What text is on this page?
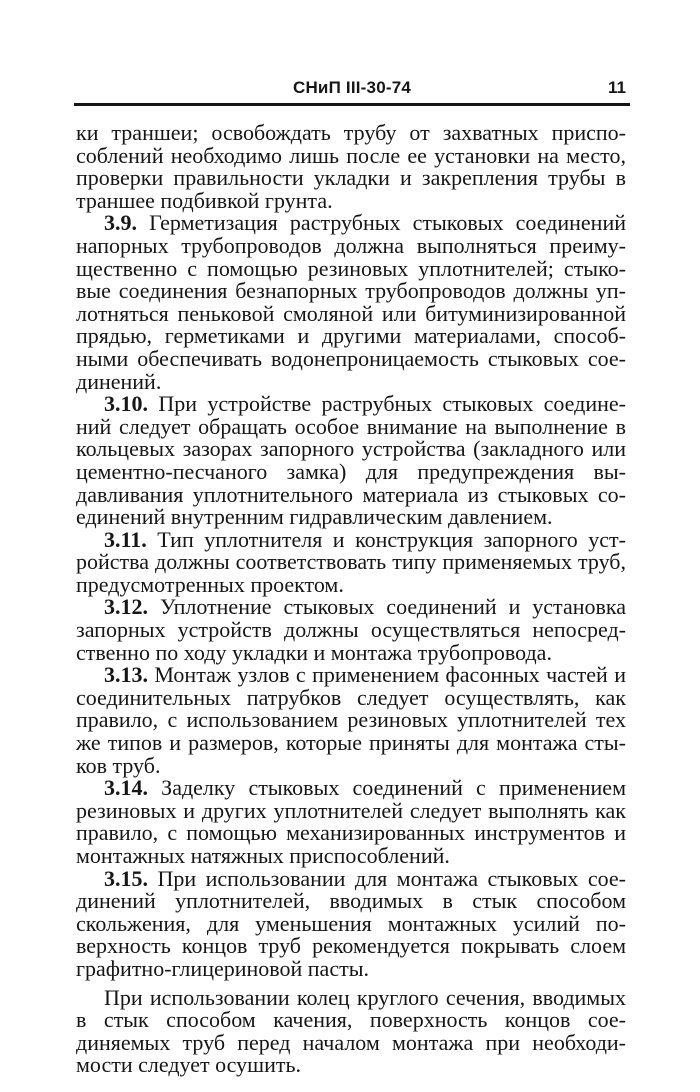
СНиП III-30-74	11

ки траншеи; освобождать трубу от захватных приспособлений необходимо лишь после ее установки на место, проверки правильности укладки и закрепления трубы в траншее подбивкой грунта.

3.9. Герметизация раструбных стыковых соединений напорных трубопроводов должна выполняться преимущественно с помощью резиновых уплотнителей; стыковые соединения безнапорных трубопроводов должны уплотняться пеньковой смоляной или битуминизированной прядью, герметиками и другими материалами, способными обеспечивать водонепроницаемость стыковых соединений.

3.10. При устройстве раструбных стыковых соединений следует обращать особое внимание на выполнение в кольцевых зазорах запорного устройства (закладного или цементно-песчаного замка) для предупреждения выдавливания уплотнительного материала из стыковых соединений внутренним гидравлическим давлением.

3.11. Тип уплотнителя и конструкция запорного устройства должны соответствовать типу применяемых труб, предусмотренных проектом.

3.12. Уплотнение стыковых соединений и установка запорных устройств должны осуществляться непосредственно по ходу укладки и монтажа трубопровода.

3.13. Монтаж узлов с применением фасонных частей и соединительных патрубков следует осуществлять, как правило, с использованием резиновых уплотнителей тех же типов и размеров, которые приняты для монтажа стыков труб.

3.14. Заделку стыковых соединений с применением резиновых и других уплотнителей следует выполнять как правило, с помощью механизированных инструментов и монтажных натяжных приспособлений.

3.15. При использовании для монтажа стыковых соединений уплотнителей, вводимых в стык способом скольжения, для уменьшения монтажных усилий поверхность концов труб рекомендуется покрывать слоем графитно-глицериновой пасты.

При использовании колец круглого сечения, вводимых в стык способом качения, поверхность концов соединяемых труб перед началом монтажа при необходимости следует осушить.
